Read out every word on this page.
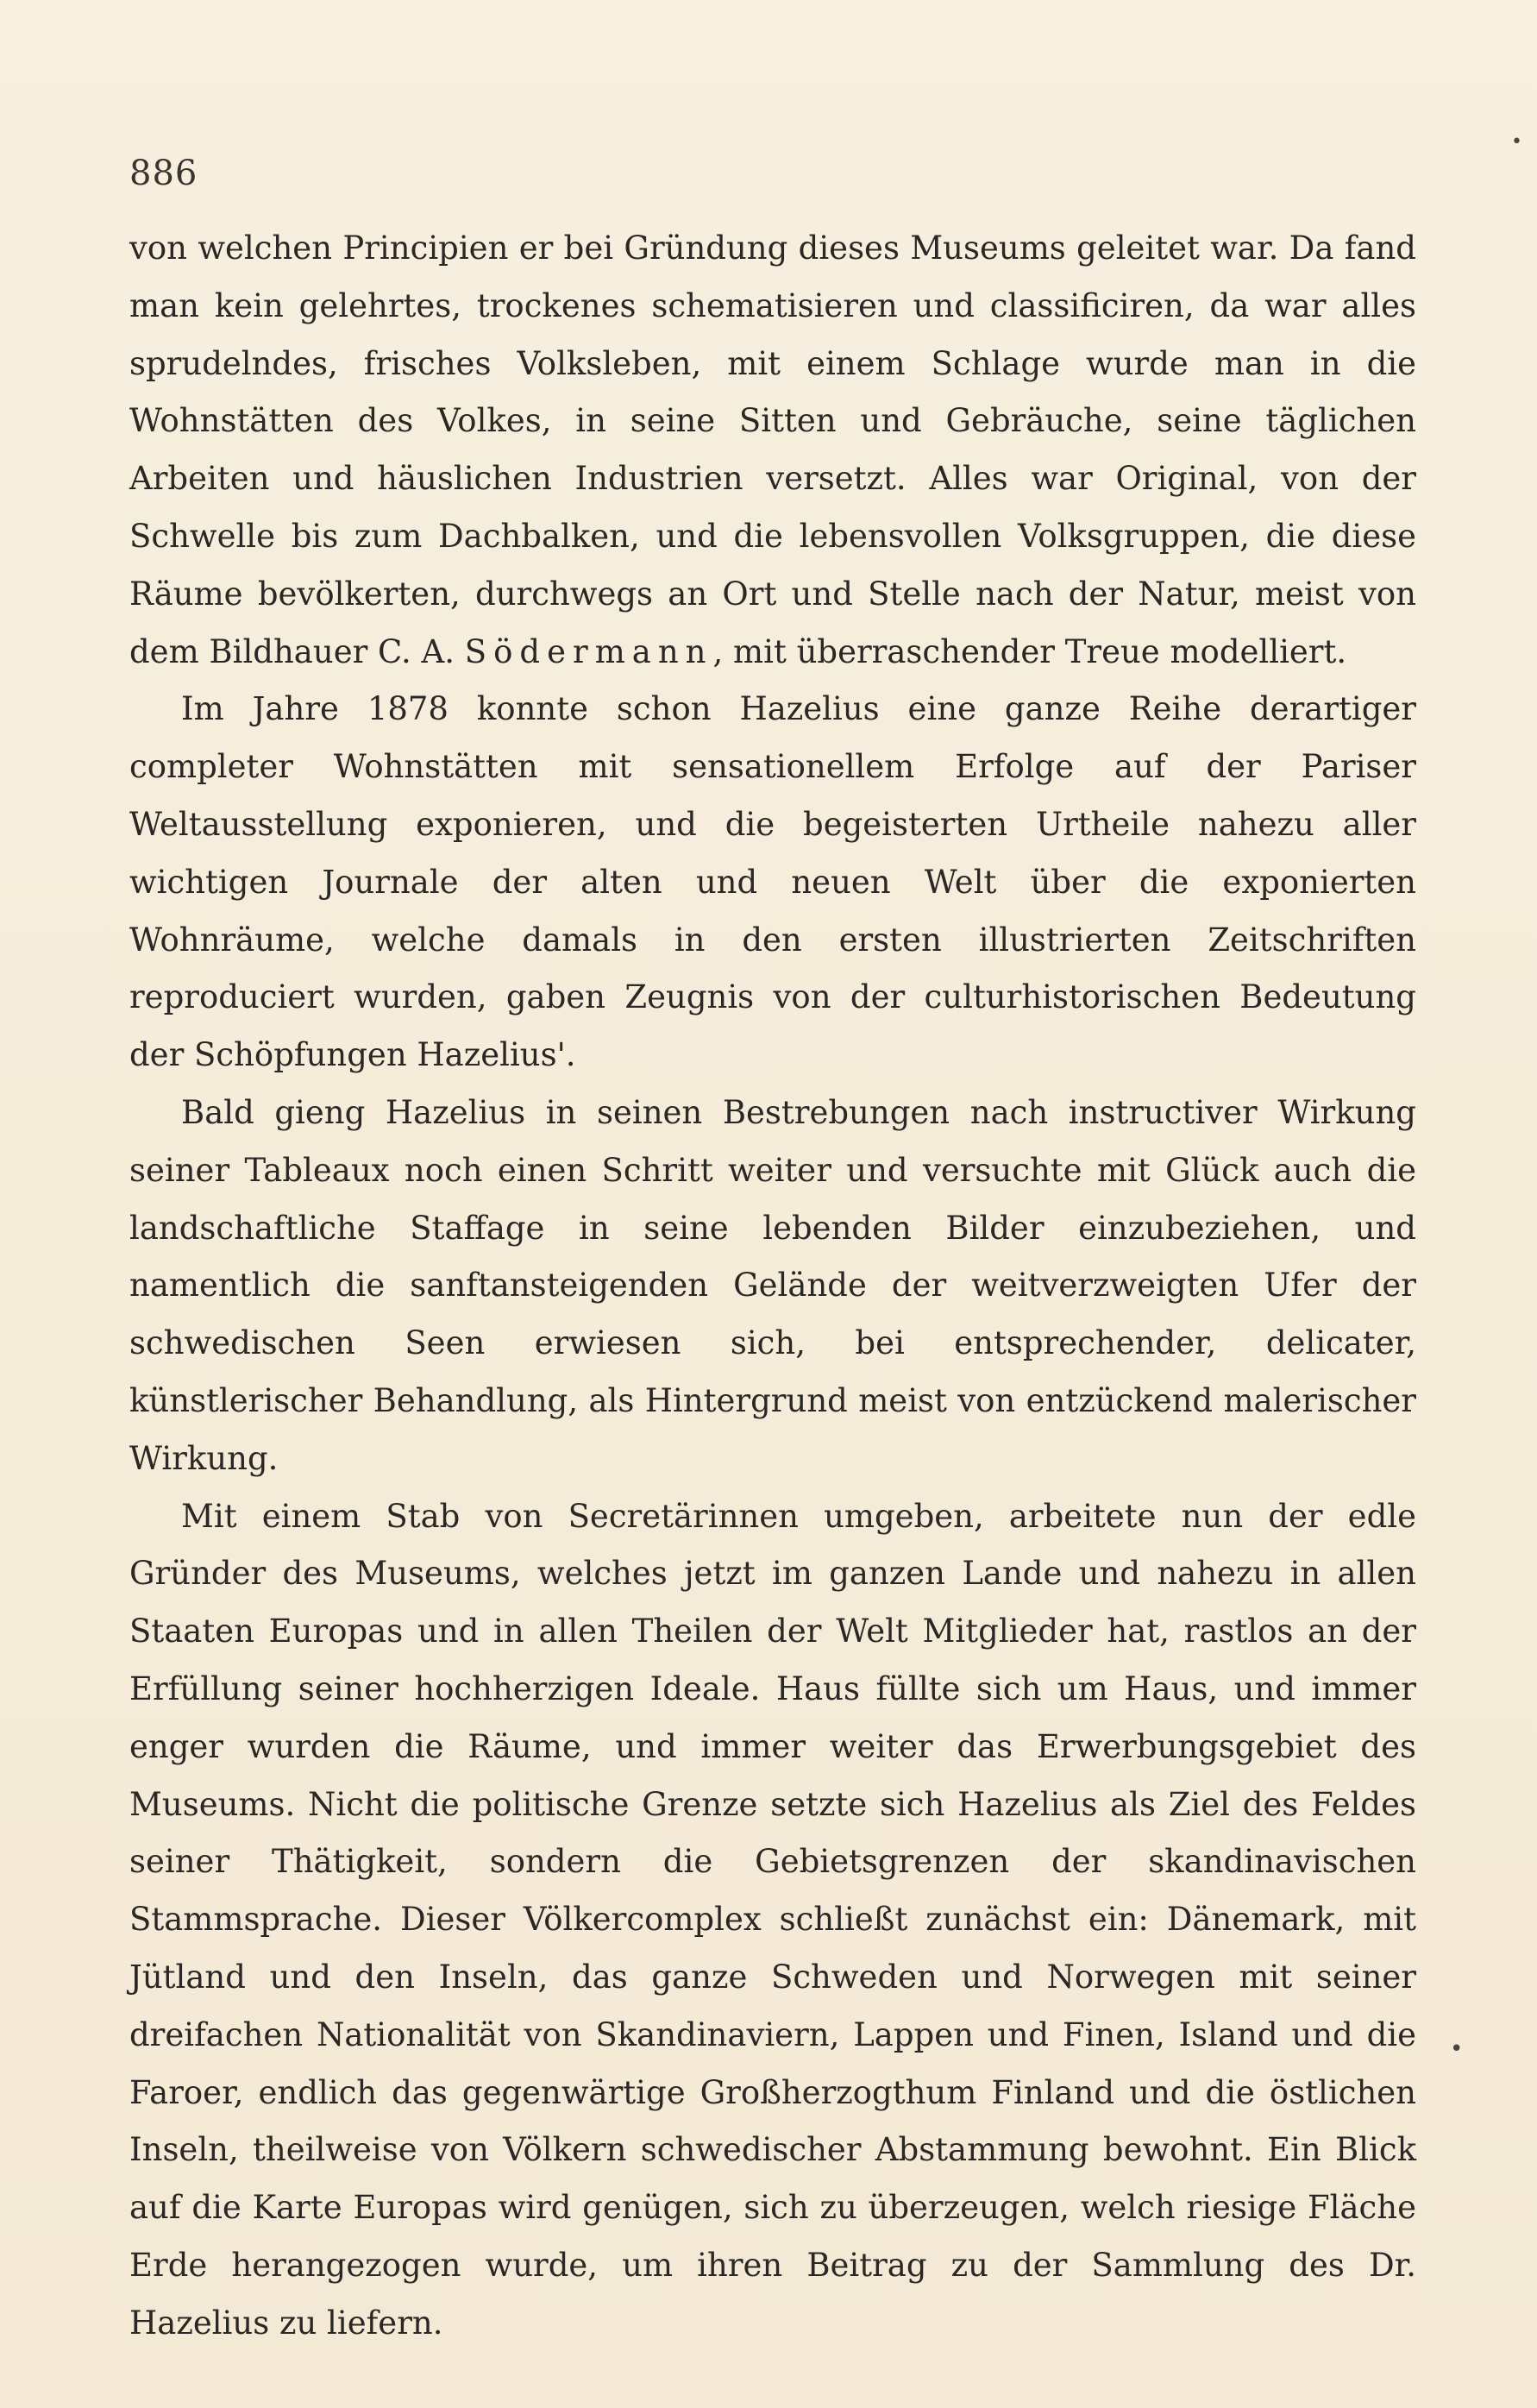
886

von welchen Principien er bei Gründung dieses Museums geleitet war. Da fand man kein gelehrtes, trockenes schematisieren und classificiren, da war alles sprudelndes, frisches Volksleben, mit einem Schlage wurde man in die Wohnstätten des Volkes, in seine Sitten und Gebräuche, seine täglichen Arbeiten und häuslichen Industrien versetzt. Alles war Original, von der Schwelle bis zum Dachbalken, und die lebensvollen Volksgruppen, die diese Räume bevölkerten, durchwegs an Ort und Stelle nach der Natur, meist von dem Bildhauer C. A. Södermann, mit überraschender Treue modelliert.

Im Jahre 1878 konnte schon Hazelius eine ganze Reihe derartiger completer Wohnstätten mit sensationellem Erfolge auf der Pariser Weltausstellung exponieren, und die begeisterten Urtheile nahezu aller wichtigen Journale der alten und neuen Welt über die exponierten Wohnräume, welche damals in den ersten illustrierten Zeitschriften reproduciert wurden, gaben Zeugnis von der culturhistorischen Bedeutung der Schöpfungen Hazelius'.

Bald gieng Hazelius in seinen Bestrebungen nach instructiver Wirkung seiner Tableaux noch einen Schritt weiter und versuchte mit Glück auch die landschaftliche Staffage in seine lebenden Bilder einzubeziehen, und namentlich die sanftansteigenden Gelände der weitverzweigten Ufer der schwedischen Seen erwiesen sich, bei entsprechender, delicater, künstlerischer Behandlung, als Hintergrund meist von entzückend malerischer Wirkung.

Mit einem Stab von Secretärinnen umgeben, arbeitete nun der edle Gründer des Museums, welches jetzt im ganzen Lande und nahezu in allen Staaten Europas und in allen Theilen der Welt Mitglieder hat, rastlos an der Erfüllung seiner hochherzigen Ideale. Haus füllte sich um Haus, und immer enger wurden die Räume, und immer weiter das Erwerbungsgebiet des Museums. Nicht die politische Grenze setzte sich Hazelius als Ziel des Feldes seiner Thätigkeit, sondern die Gebietsgrenzen der skandinavischen Stammsprache. Dieser Völkercomplex schließt zunächst ein: Dänemark, mit Jütland und den Inseln, das ganze Schweden und Norwegen mit seiner dreifachen Nationalität von Skandinaviern, Lappen und Finen, Island und die Faroer, endlich das gegenwärtige Großherzogthum Finland und die östlichen Inseln, theilweise von Völkern schwedischer Abstammung bewohnt. Ein Blick auf die Karte Europas wird genügen, sich zu überzeugen, welch riesige Fläche Erde herangezogen wurde, um ihren Beitrag zu der Sammlung des Dr. Hazelius zu liefern.

•
•
